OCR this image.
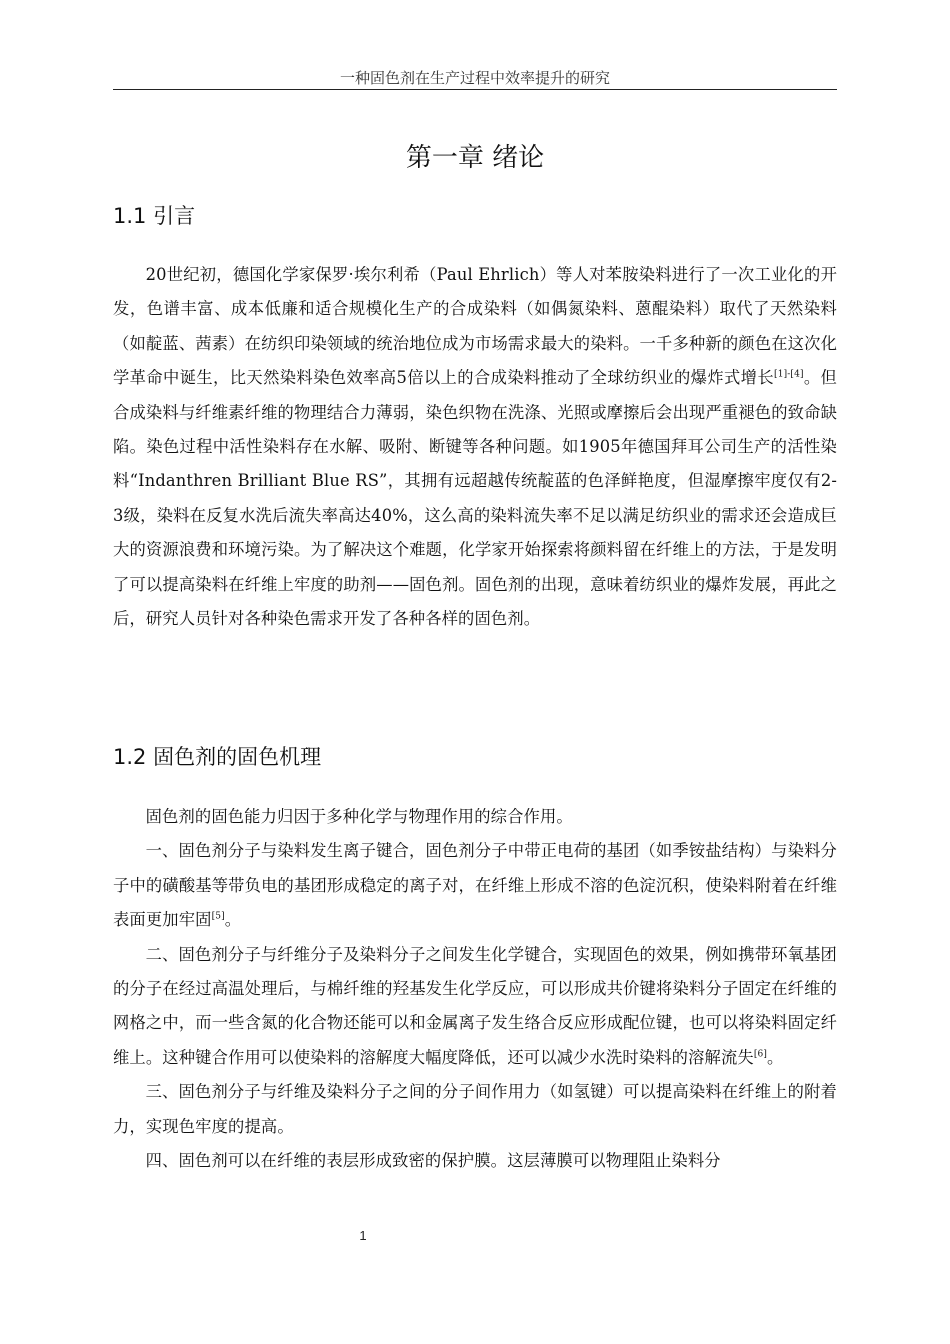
一种固色剂在生产过程中效率提升的研究
第一章 绪论
1.1 引言

20世纪初，德国化学家保罗·埃尔利希（Paul Ehrlich）等人对苯胺染料进行了一次工业化的开发，色谱丰富、成本低廉和适合规模化生产的合成染料（如偶氮染料、蒽醌染料）取代了天然染料（如靛蓝、茜素）在纺织印染领域的统治地位成为市场需求最大的染料。一千多种新的颜色在这次化学革命中诞生，比天然染料染色效率高5倍以上的合成染料推动了全球纺织业的爆炸式增长[1]-[4]。但合成染料与纤维素纤维的物理结合力薄弱，染色织物在洗涤、光照或摩擦后会出现严重褪色的致命缺陷。染色过程中活性染料存在水解、吸附、断键等各种问题。如1905年德国拜耳公司生产的活性染料“Indanthren Brilliant Blue RS”，其拥有远超越传统靛蓝的色泽鲜艳度，但湿摩擦牢度仅有2-3级，染料在反复水洗后流失率高达40%，这么高的染料流失率不足以满足纺织业的需求还会造成巨大的资源浪费和环境污染。为了解决这个难题，化学家开始探索将颜料留在纤维上的方法，于是发明了可以提高染料在纤维上牢度的助剂——固色剂。固色剂的出现，意味着纺织业的爆炸发展，再此之后，研究人员针对各种染色需求开发了各种各样的固色剂。

1.2 固色剂的固色机理

固色剂的固色能力归因于多种化学与物理作用的综合作用。

一、固色剂分子与染料发生离子键合，固色剂分子中带正电荷的基团（如季铵盐结构）与染料分子中的磺酸基等带负电的基团形成稳定的离子对，在纤维上形成不溶的色淀沉积，使染料附着在纤维表面更加牢固[5]。

二、固色剂分子与纤维分子及染料分子之间发生化学键合，实现固色的效果，例如携带环氧基团的分子在经过高温处理后，与棉纤维的羟基发生化学反应，可以形成共价键将染料分子固定在纤维的网格之中，而一些含氮的化合物还能可以和金属离子发生络合反应形成配位键，也可以将染料固定纤维上。这种键合作用可以使染料的溶解度大幅度降低，还可以减少水洗时染料的溶解流失[6]。

三、固色剂分子与纤维及染料分子之间的分子间作用力（如氢键）可以提高染料在纤维上的附着力，实现色牢度的提高。

四、固色剂可以在纤维的表层形成致密的保护膜。这层薄膜可以物理阻止染料分

1
